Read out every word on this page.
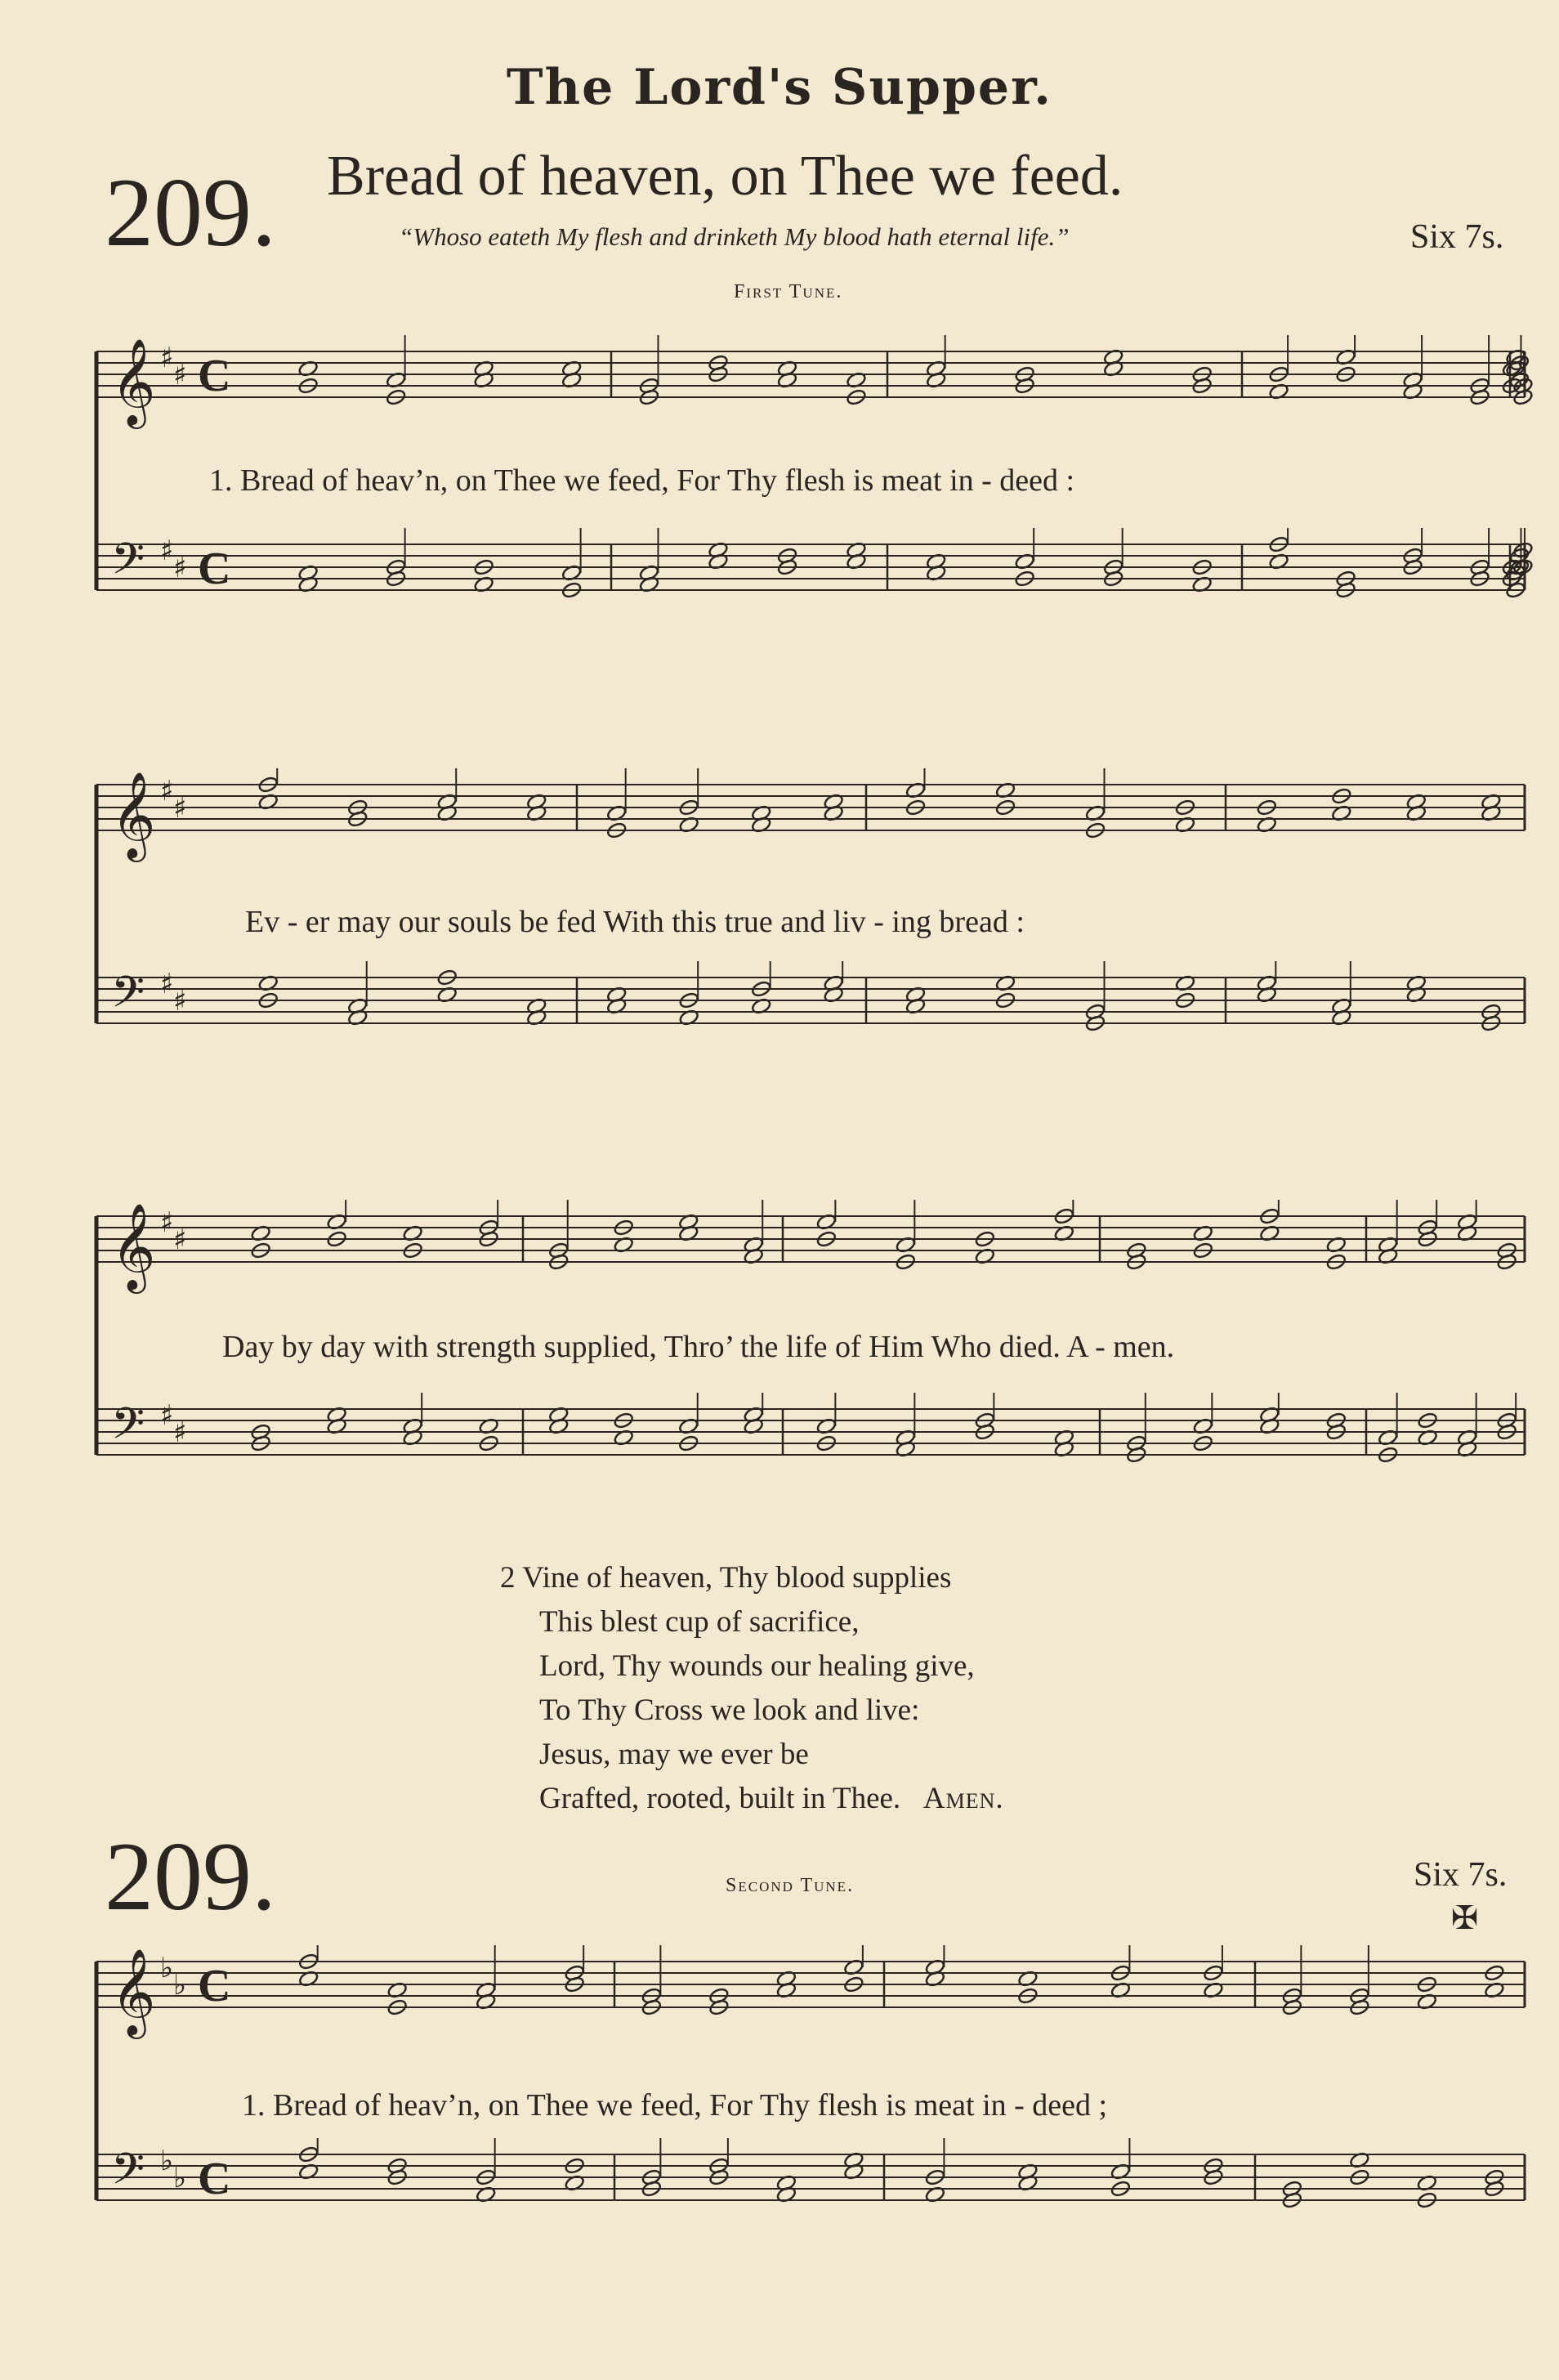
The Lord's Supper.
209. Bread of heaven, on Thee we feed.
“Whoso eateth My flesh and drinketh My blood hath eternal life.”	Six 7s.
First Tune.
𝄞 ♯
♯
𝄢 ♯
♯
C
C
𝄞 ♯
♯
𝄢 ♯
♯
𝄞 ♯
♯
𝄢 ♯
♯
𝄞 ♭
♭
𝄢 ♭
♭
C
C
✠
1. Bread of heav’n, on Thee we feed, For Thy flesh is meat in - deed :
Ev - er may our souls be fed With this true and liv - ing bread :
Day by day with strength supplied, Thro’ the life of Him Who died. A - men.
2 Vine of heaven, Thy blood supplies
This blest cup of sacrifice,
Lord, Thy wounds our healing give,
To Thy Cross we look and live:
Jesus, may we ever be
Grafted, rooted, built in Thee. Amen.
209.	Second Tune.	Six 7s.
1. Bread of heav’n, on Thee we feed, For Thy flesh is meat in - deed ;
